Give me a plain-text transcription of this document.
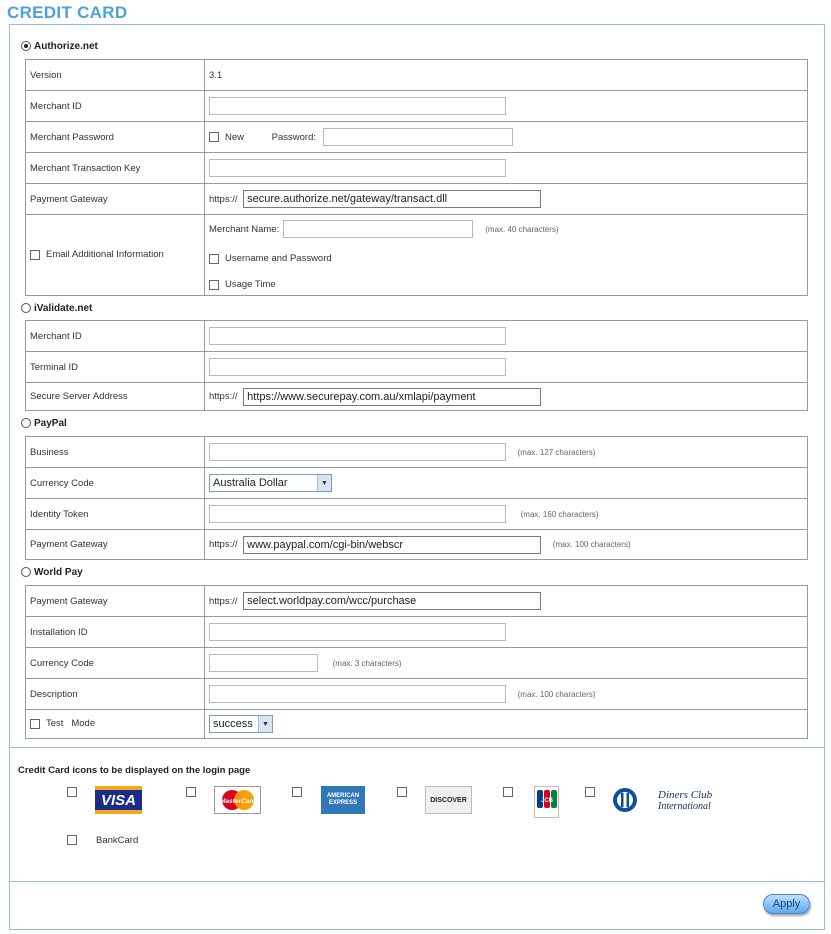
CREDIT CARD
Authorize.net
Version	3.1
Merchant ID	
Merchant Password	New Password:
Merchant Transaction Key	
Payment Gateway	https:// secure.authorize.net/gateway/transact.dll

Email Additional Information	Merchant Name: (max. 40 characters)
Username and Password
Usage Time
iValidate.net
Merchant ID	
Terminal ID	
Secure Server Address	https:// https://www.securepay.com.au/xmlapi/payment
PayPal
Business	(max. 127 characters)
Currency Code	Australia Dollar ▼

Identity Token	(max. 160 characters)
Payment Gateway	https:// www.paypal.com/cgi-bin/webscr (max. 100 characters)
World Pay
Payment Gateway	https:// select.worldpay.com/wcc/purchase
Installation ID	
Currency Code	(max. 3 characters)
Description	(max. 100 characters)

Test   Mode	success ▼
Credit Card icons to be displayed on the login page
VISA	MasterCard
AMERICAN
EXPRESS	DISCOVER	JCB	Diners Club
International
BankCard
Apply
